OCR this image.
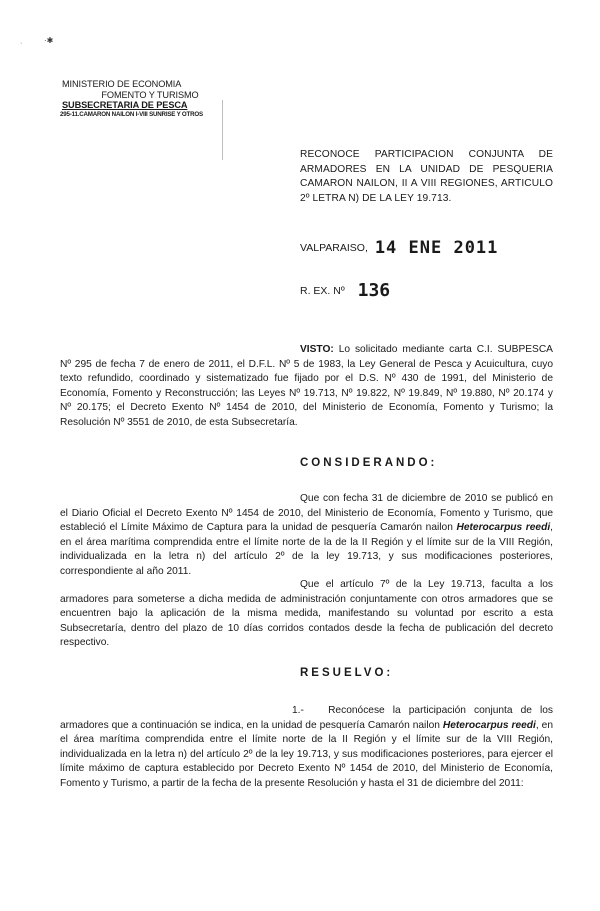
·✱
·
MINISTERIO DE ECONOMIA
FOMENTO Y TURISMO
SUBSECRETARIA DE PESCA
295-11.CAMARON NAILON I-VIII SUNRISE Y OTROS
RECONOCE PARTICIPACION CONJUNTA DE ARMADORES EN LA UNIDAD DE PESQUERIA CAMARON NAILON, II A VIII REGIONES, ARTICULO 2º LETRA N) DE LA LEY 19.713.
VALPARAISO, 14 ENE 2011
R. EX. Nº 136
VISTO: Lo solicitado mediante carta C.I. SUBPESCA Nº 295 de fecha 7 de enero de 2011, el D.F.L. Nº 5 de 1983, la Ley General de Pesca y Acuicultura, cuyo texto refundido, coordinado y sistematizado fue fijado por el D.S. Nº 430 de 1991, del Ministerio de Economía, Fomento y Reconstrucción; las Leyes Nº 19.713, Nº 19.822, Nº 19.849, Nº 19.880, Nº 20.174 y Nº 20.175; el Decreto Exento Nº 1454 de 2010, del Ministerio de Economía, Fomento y Turismo; la Resolución Nº 3551 de 2010, de esta Subsecretaría.
CONSIDERANDO:
Que con fecha 31 de diciembre de 2010 se publicó en el Diario Oficial el Decreto Exento Nº 1454 de 2010, del Ministerio de Economía, Fomento y Turismo, que estableció el Límite Máximo de Captura para la unidad de pesquería Camarón nailon Heterocarpus reedi, en el área marítima comprendida entre el límite norte de la de la II Región y el límite sur de la VIII Región, individualizada en la letra n) del artículo 2º de la ley 19.713, y sus modificaciones posteriores, correspondiente al año 2011.
Que el artículo 7º de la Ley 19.713, faculta a los armadores para someterse a dicha medida de administración conjuntamente con otros armadores que se encuentren bajo la aplicación de la misma medida, manifestando su voluntad por escrito a esta Subsecretaría, dentro del plazo de 10 días corridos contados desde la fecha de publicación del decreto respectivo.
RESUELVO:
1.- Reconócese la participación conjunta de los armadores que a continuación se indica, en la unidad de pesquería Camarón nailon Heterocarpus reedi, en el área marítima comprendida entre el límite norte de la II Región y el límite sur de la VIII Región, individualizada en la letra n) del artículo 2º de la ley 19.713, y sus modificaciones posteriores, para ejercer el límite máximo de captura establecido por Decreto Exento Nº 1454 de 2010, del Ministerio de Economía, Fomento y Turismo, a partir de la fecha de la presente Resolución y hasta el 31 de diciembre del 2011:
